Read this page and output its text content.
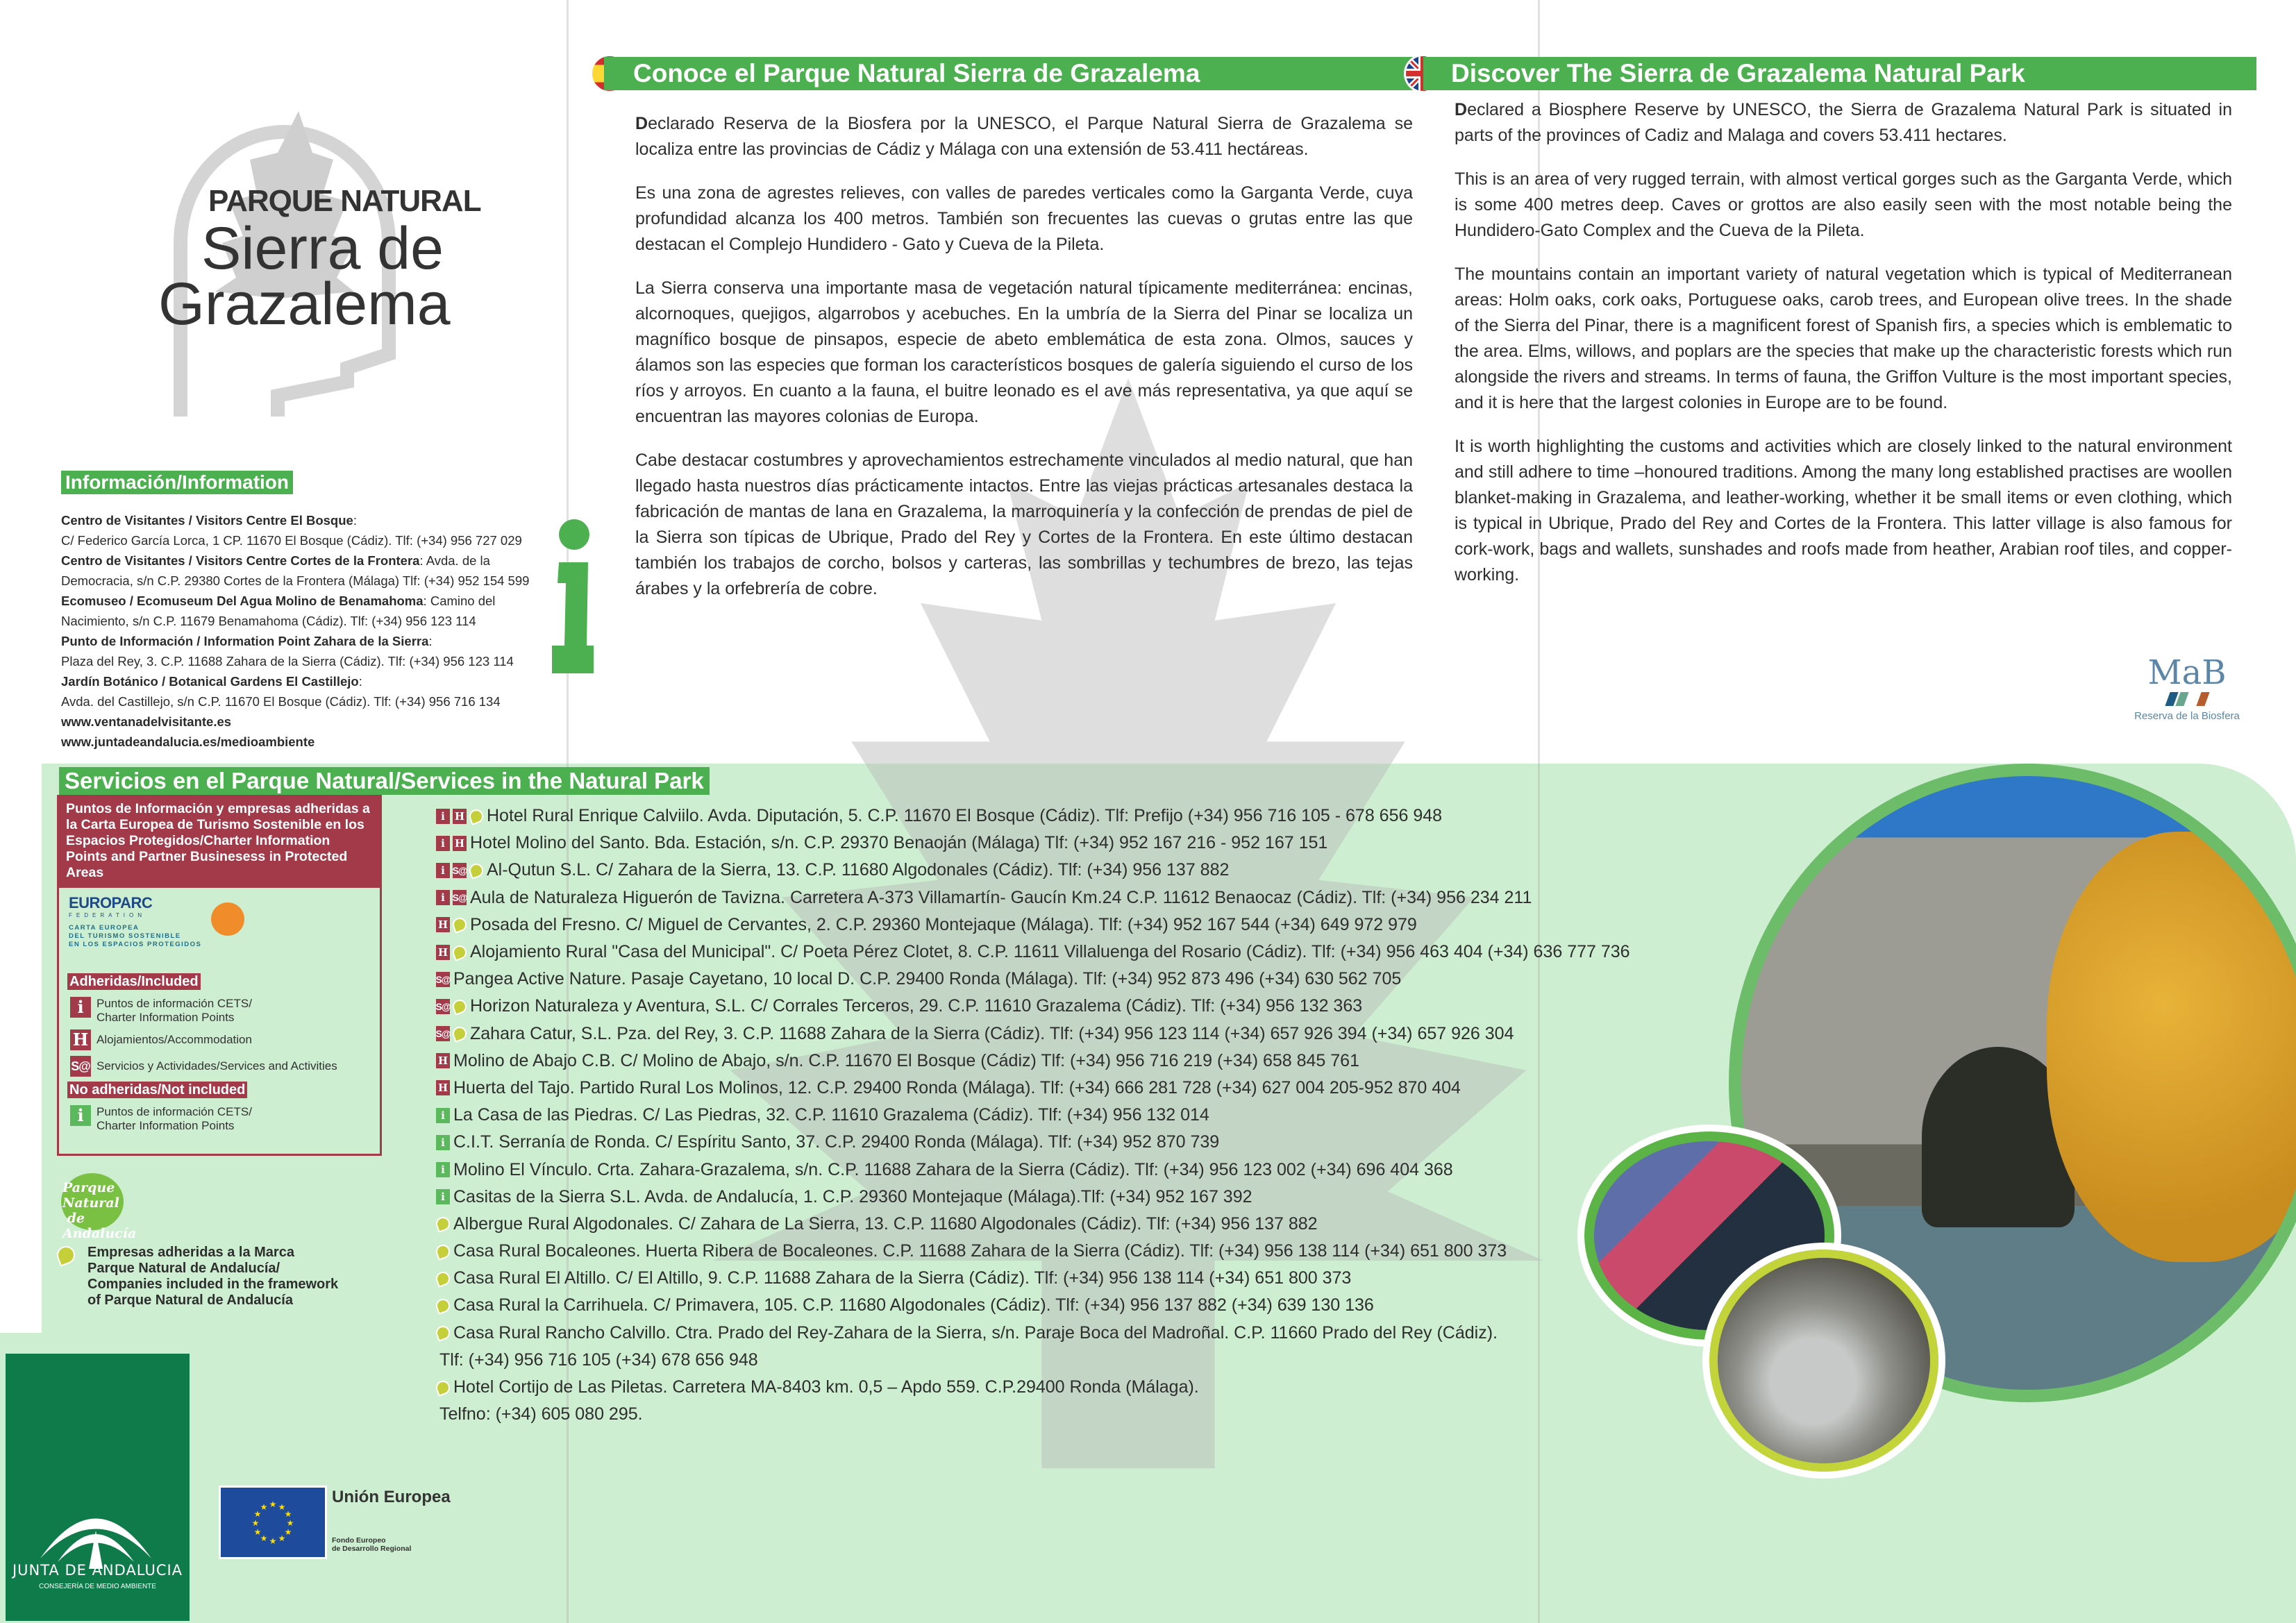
PARQUE NATURAL
Sierra de
Grazalema
Información/Information
Centro de Visitantes / Visitors Centre El Bosque:
C/ Federico García Lorca, 1 CP. 11670 El Bosque (Cádiz). Tlf: (+34) 956 727 029
Centro de Visitantes / Visitors Centre Cortes de la Frontera: Avda. de la Democracia, s/n C.P. 29380 Cortes de la Frontera (Málaga) Tlf: (+34) 952 154 599
Ecomuseo / Ecomuseum Del Agua Molino de Benamahoma: Camino del Nacimiento, s/n C.P. 11679 Benamahoma (Cádiz). Tlf: (+34) 956 123 114
Punto de Información / Information Point Zahara de la Sierra:
Plaza del Rey, 3. C.P. 11688 Zahara de la Sierra (Cádiz). Tlf: (+34) 956 123 114
Jardín Botánico / Botanical Gardens El Castillejo:
Avda. del Castillejo, s/n C.P. 11670 El Bosque (Cádiz). Tlf: (+34) 956 716 134
www.ventanadelvisitante.es
www.juntadeandalucia.es/medioambiente
Conoce el Parque Natural Sierra de Grazalema

Declarado Reserva de la Biosfera por la UNESCO, el Parque Natural Sierra de Grazalema se localiza entre las provincias de Cádiz y Málaga con una extensión de 53.411 hectáreas.

Es una zona de agrestes relieves, con valles de paredes verticales como la Garganta Verde, cuya profundidad alcanza los 400 metros. También son frecuentes las cuevas o grutas entre las que destacan el Complejo Hundidero - Gato y Cueva de la Pileta.

La Sierra conserva una importante masa de vegetación natural típicamente mediterránea: encinas, alcornoques, quejigos, algarrobos y acebuches. En la umbría de la Sierra del Pinar se localiza un magnífico bosque de pinsapos, especie de abeto emblemática de esta zona. Olmos, sauces y álamos son las especies que forman los característicos bosques de galería siguiendo el curso de los ríos y arroyos. En cuanto a la fauna, el buitre leonado es el ave más representativa, ya que aquí se encuentran las mayores colonias de Europa.

Cabe destacar costumbres y aprovechamientos estrechamente vinculados al medio natural, que han llegado hasta nuestros días prácticamente intactos. Entre las viejas prácticas artesanales destaca la fabricación de mantas de lana en Grazalema, la marroquinería y la confección de prendas de piel de la Sierra son típicas de Ubrique, Prado del Rey y Cortes de la Frontera. En este último destacan también los trabajos de corcho, bolsos y carteras, las sombrillas y techumbres de brezo, las tejas árabes y la orfebrería de cobre.

Discover The Sierra de Grazalema Natural Park

Declared a Biosphere Reserve by UNESCO, the Sierra de Grazalema Natural Park is situated in parts of the provinces of Cadiz and Malaga and covers 53.411 hectares.

This is an area of very rugged terrain, with almost vertical gorges such as the Garganta Verde, which is some 400 metres deep. Caves or grottos are also easily seen with the most notable being the Hundidero-Gato Complex and the Cueva de la Pileta.

The mountains contain an important variety of natural vegetation which is typical of Mediterranean areas: Holm oaks, cork oaks, Portuguese oaks, carob trees, and European olive trees. In the shade of the Sierra del Pinar, there is a magnificent forest of Spanish firs, a species which is emblematic to the area. Elms, willows, and poplars are the species that make up the characteristic forests which run alongside the rivers and streams. In terms of fauna, the Griffon Vulture is the most important species, and it is here that the largest colonies in Europe are to be found.

It is worth highlighting the customs and activities which are closely linked to the natural environment and still adhere to time –honoured traditions. Among the many long established practises are woollen blanket-making in Grazalema, and leather-working, whether it be small items or even clothing, which is typical in Ubrique, Prado del Rey and Cortes de la Frontera. This latter village is also famous for cork-work, bags and wallets, sunshades and roofs made from heather, Arabian roof tiles, and copper-working.

MaB
Reserva de la Biosfera
Servicios en el Parque Natural/Services in the Natural Park
Puntos de Información y empresas adheridas a la Carta Europea de Turismo Sostenible en los Espacios Protegidos/Charter Information Points and Partner Businesess in Protected Areas
EUROPARC
FEDERATION
CARTA EUROPEA
DEL TURISMO SOSTENIBLE
EN LOS ESPACIOS PROTEGIDOS
Adheridas/Included
i	Puntos de información CETS/
Charter Information Points
H Alojamientos/Accommodation
S@ Servicios y Actividades/Services and Activities
No adheridas/Not included
i	Puntos de información CETS/
Charter Information Points
Parque Natural
de Andalucía
Empresas adheridas a la Marca
Parque Natural de Andalucía/
Companies included in the framework
of Parque Natural de Andalucía
i H Hotel Rural Enrique Calviilo. Avda. Diputación, 5. C.P. 11670 El Bosque (Cádiz). Tlf: Prefijo (+34) 956 716 105 - 678 656 948
i H Hotel Molino del Santo. Bda. Estación, s/n. C.P. 29370 Benaoján (Málaga) Tlf: (+34) 952 167 216 - 952 167 151
i S@ Al-Qutun S.L. C/ Zahara de la Sierra, 13. C.P. 11680 Algodonales (Cádiz). Tlf: (+34) 956 137 882
i S@ Aula de Naturaleza Higuerón de Tavizna. Carretera A-373 Villamartín- Gaucín Km.24 C.P. 11612 Benaocaz (Cádiz). Tlf: (+34) 956 234 211
H Posada del Fresno. C/ Miguel de Cervantes, 2. C.P. 29360 Montejaque (Málaga). Tlf: (+34) 952 167 544 (+34) 649 972 979
H Alojamiento Rural "Casa del Municipal". C/ Poeta Pérez Clotet, 8. C.P. 11611 Villaluenga del Rosario (Cádiz). Tlf: (+34) 956 463 404 (+34) 636 777 736
S@ Pangea Active Nature. Pasaje Cayetano, 10 local D. C.P. 29400 Ronda (Málaga). Tlf: (+34) 952 873 496 (+34) 630 562 705
S@ Horizon Naturaleza y Aventura, S.L. C/ Corrales Terceros, 29. C.P. 11610 Grazalema (Cádiz). Tlf: (+34) 956 132 363
S@ Zahara Catur, S.L. Pza. del Rey, 3. C.P. 11688 Zahara de la Sierra (Cádiz). Tlf: (+34) 956 123 114 (+34) 657 926 394 (+34) 657 926 304
H Molino de Abajo C.B. C/ Molino de Abajo, s/n. C.P. 11670 El Bosque (Cádiz) Tlf: (+34) 956 716 219 (+34) 658 845 761
H Huerta del Tajo. Partido Rural Los Molinos, 12. C.P. 29400 Ronda (Málaga). Tlf: (+34) 666 281 728 (+34) 627 004 205-952 870 404
i La Casa de las Piedras. C/ Las Piedras, 32. C.P. 11610 Grazalema (Cádiz). Tlf: (+34) 956 132 014
i C.I.T. Serranía de Ronda. C/ Espíritu Santo, 37. C.P. 29400 Ronda (Málaga). Tlf: (+34) 952 870 739
i Molino El Vínculo. Crta. Zahara-Grazalema, s/n. C.P. 11688 Zahara de la Sierra (Cádiz). Tlf: (+34) 956 123 002 (+34) 696 404 368
i Casitas de la Sierra S.L. Avda. de Andalucía, 1. C.P. 29360 Montejaque (Málaga).Tlf: (+34) 952 167 392
Albergue Rural Algodonales. C/ Zahara de La Sierra, 13. C.P. 11680 Algodonales (Cádiz). Tlf: (+34) 956 137 882
Casa Rural Bocaleones. Huerta Ribera de Bocaleones. C.P. 11688 Zahara de la Sierra (Cádiz). Tlf: (+34) 956 138 114 (+34) 651 800 373
Casa Rural El Altillo. C/ El Altillo, 9. C.P. 11688 Zahara de la Sierra (Cádiz). Tlf: (+34) 956 138 114 (+34) 651 800 373
Casa Rural la Carrihuela. C/ Primavera, 105. C.P. 11680 Algodonales (Cádiz). Tlf: (+34) 956 137 882 (+34) 639 130 136
Casa Rural Rancho Calvillo. Ctra. Prado del Rey-Zahara de la Sierra, s/n. Paraje Boca del Madroñal. C.P. 11660 Prado del Rey (Cádiz).
Tlf: (+34) 956 716 105 (+34) 678 656 948
Hotel Cortijo de Las Piletas. Carretera MA-8403 km. 0,5 – Apdo 559. C.P.29400 Ronda (Málaga).
Telfno: (+34) 605 080 295.
JUNTA DE ANDALUCIA
CONSEJERÍA DE MEDIO AMBIENTE
★ ★
★
★
★
★
★
★
★
★
★
★
Unión Europea
Fondo Europeo
de Desarrollo Regional
